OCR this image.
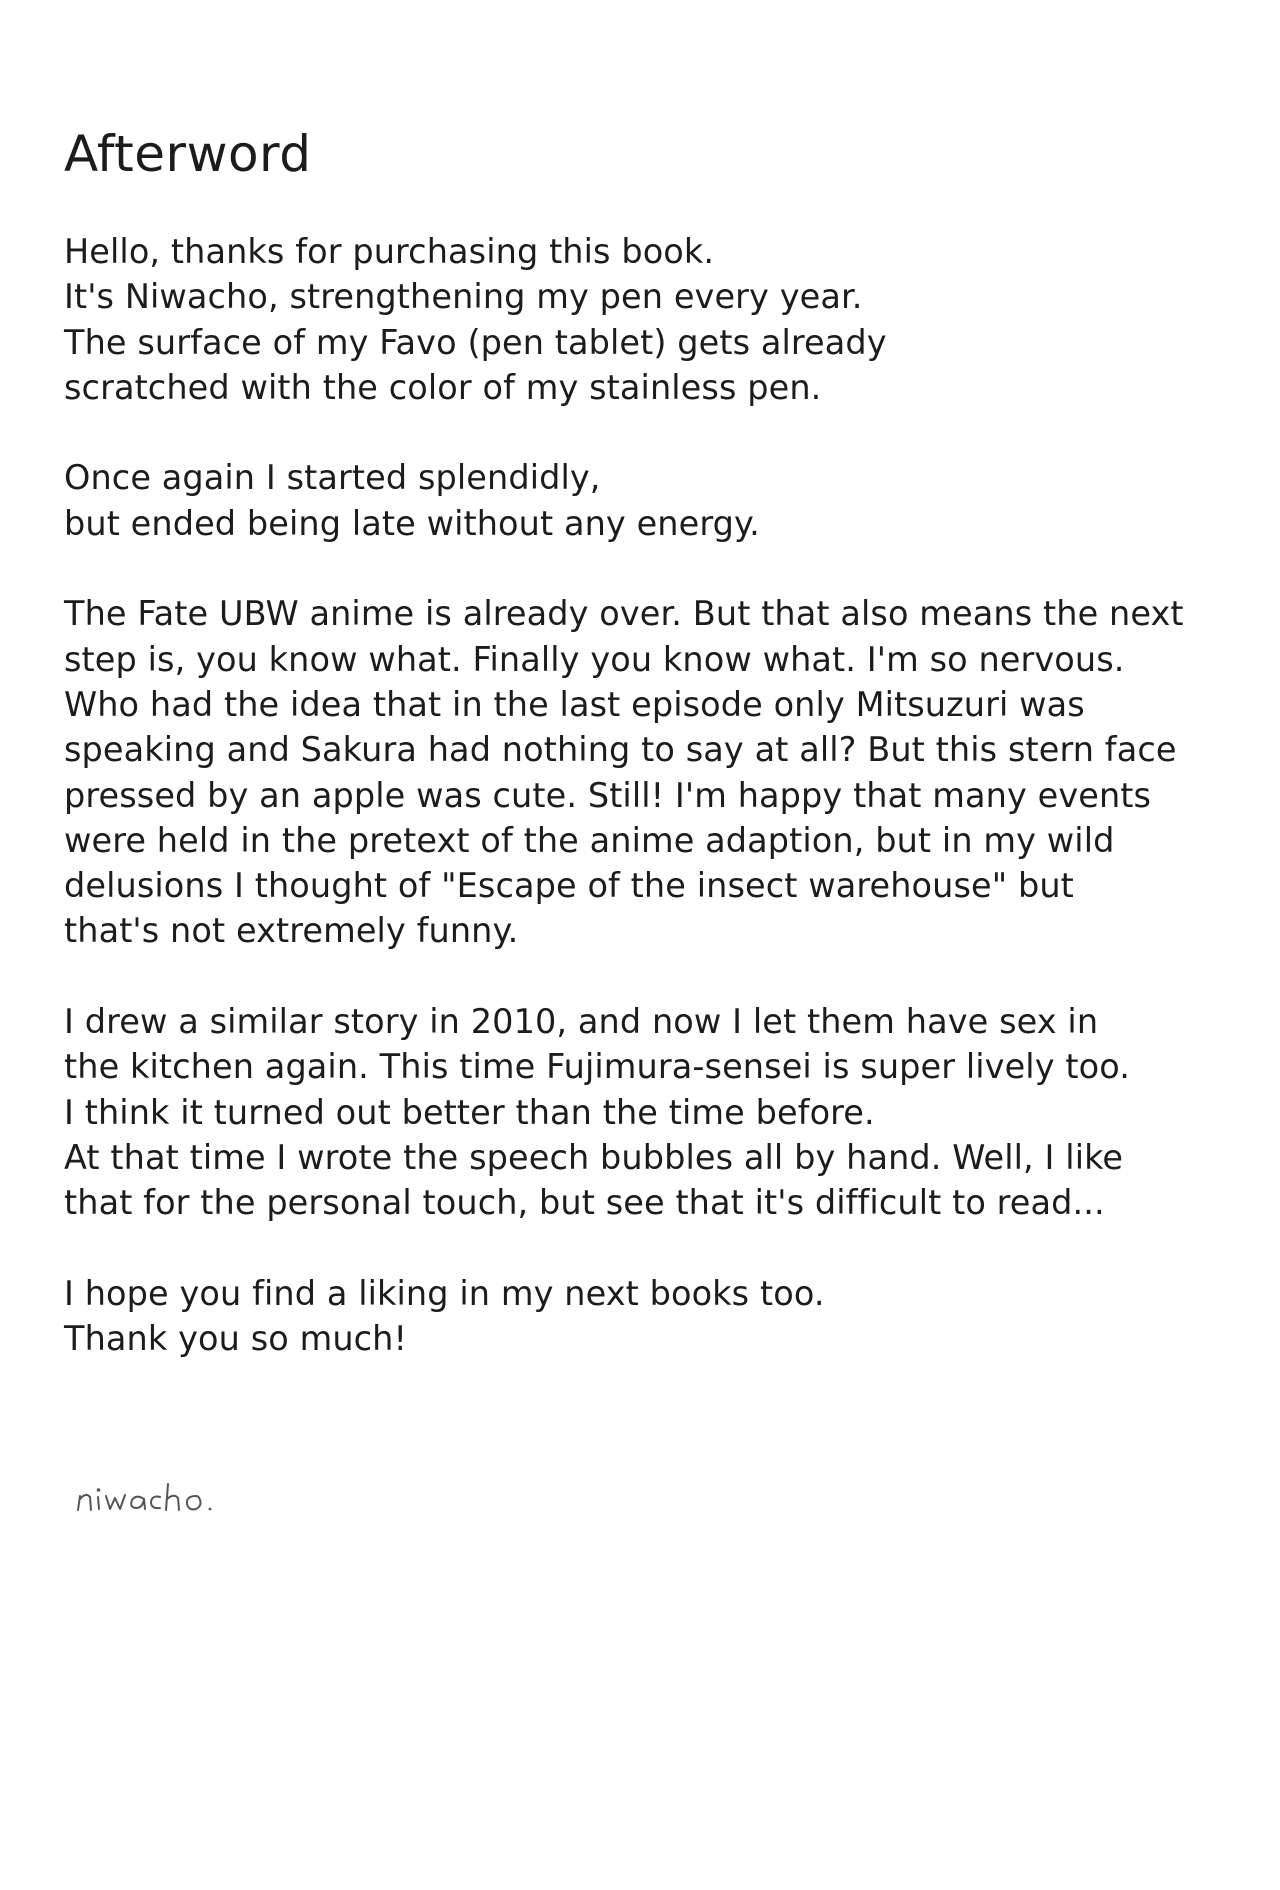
Afterword
Hello, thanks for purchasing this book.
It's Niwacho, strengthening my pen every year.
The surface of my Favo (pen tablet) gets already
scratched with the color of my stainless pen.
Once again I started splendidly,
but ended being late without any energy.
The Fate UBW anime is already over. But that also means the next
step is, you know what. Finally you know what. I'm so nervous.
Who had the idea that in the last episode only Mitsuzuri was
speaking and Sakura had nothing to say at all? But this stern face
pressed by an apple was cute. Still! I'm happy that many events
were held in the pretext of the anime adaption, but in my wild
delusions I thought of "Escape of the insect warehouse" but
that's not extremely funny.
I drew a similar story in 2010, and now I let them have sex in
the kitchen again. This time Fujimura-sensei is super lively too.
I think it turned out better than the time before.
At that time I wrote the speech bubbles all by hand. Well, I like
that for the personal touch, but see that it's difficult to read...
I hope you find a liking in my next books too.
Thank you so much!
